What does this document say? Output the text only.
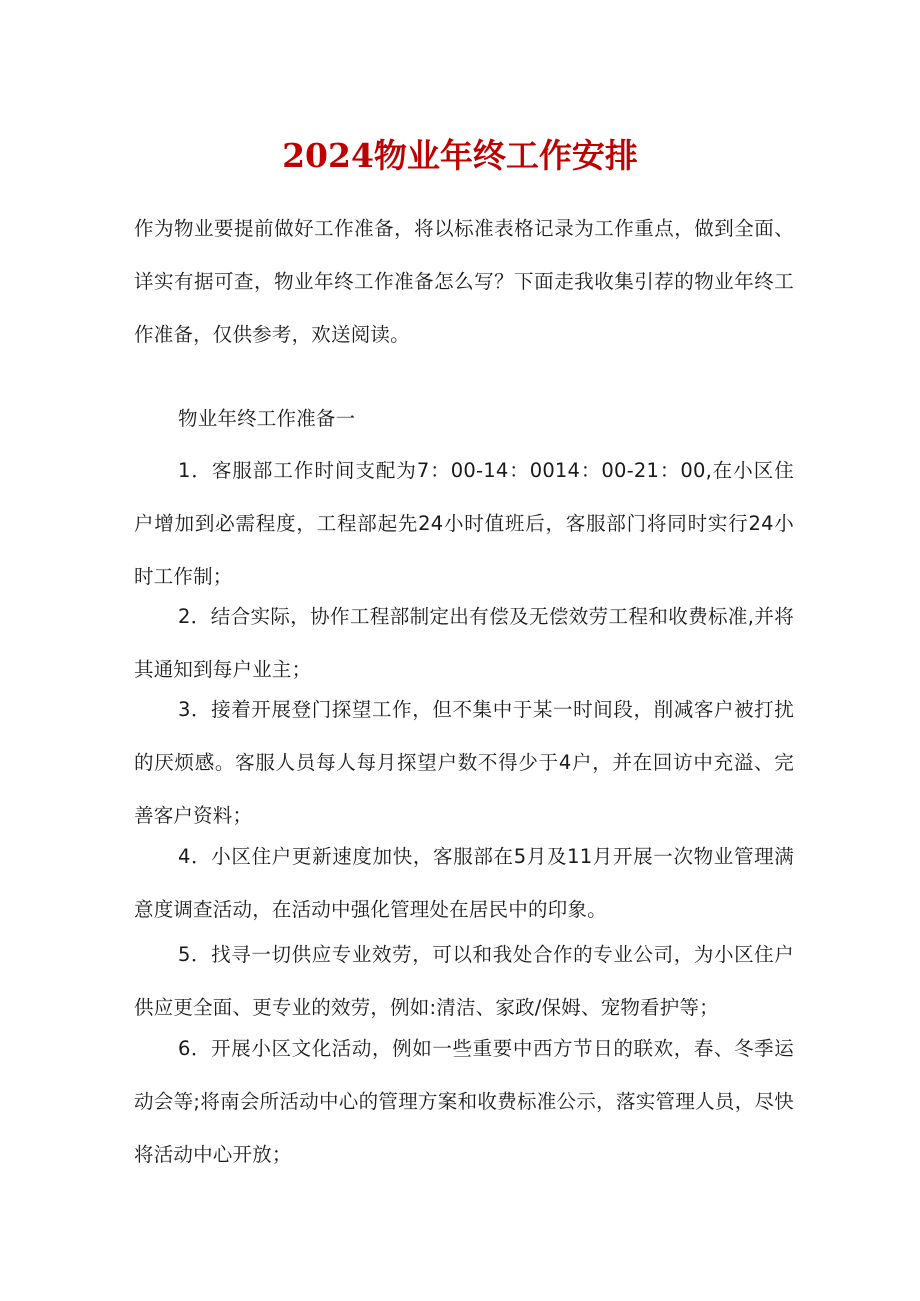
2024物业年终工作安排

作为物业要提前做好工作准备，将以标准表格记录为工作重点，做到全面、详实有据可查，物业年终工作准备怎么写？下面走我收集引荐的物业年终工作准备，仅供参考，欢送阅读。

物业年终工作准备一

1．客服部工作时间支配为7：00-14：0014：00-21：00,在小区住户增加到必需程度，工程部起先24小时值班后，客服部门将同时实行24小时工作制；

2．结合实际，协作工程部制定出有偿及无偿效劳工程和收费标准,并将其通知到每户业主；

3．接着开展登门探望工作，但不集中于某一时间段，削减客户被打扰的厌烦感。客服人员每人每月探望户数不得少于4户，并在回访中充溢、完善客户资料；

4．小区住户更新速度加快，客服部在5月及11月开展一次物业管理满意度调查活动，在活动中强化管理处在居民中的印象。

5．找寻一切供应专业效劳，可以和我处合作的专业公司，为小区住户供应更全面、更专业的效劳，例如:清洁、家政/保姆、宠物看护等；

6．开展小区文化活动，例如一些重要中西方节日的联欢，春、冬季运动会等;将南会所活动中心的管理方案和收费标准公示，落实管理人员，尽快将活动中心开放；
